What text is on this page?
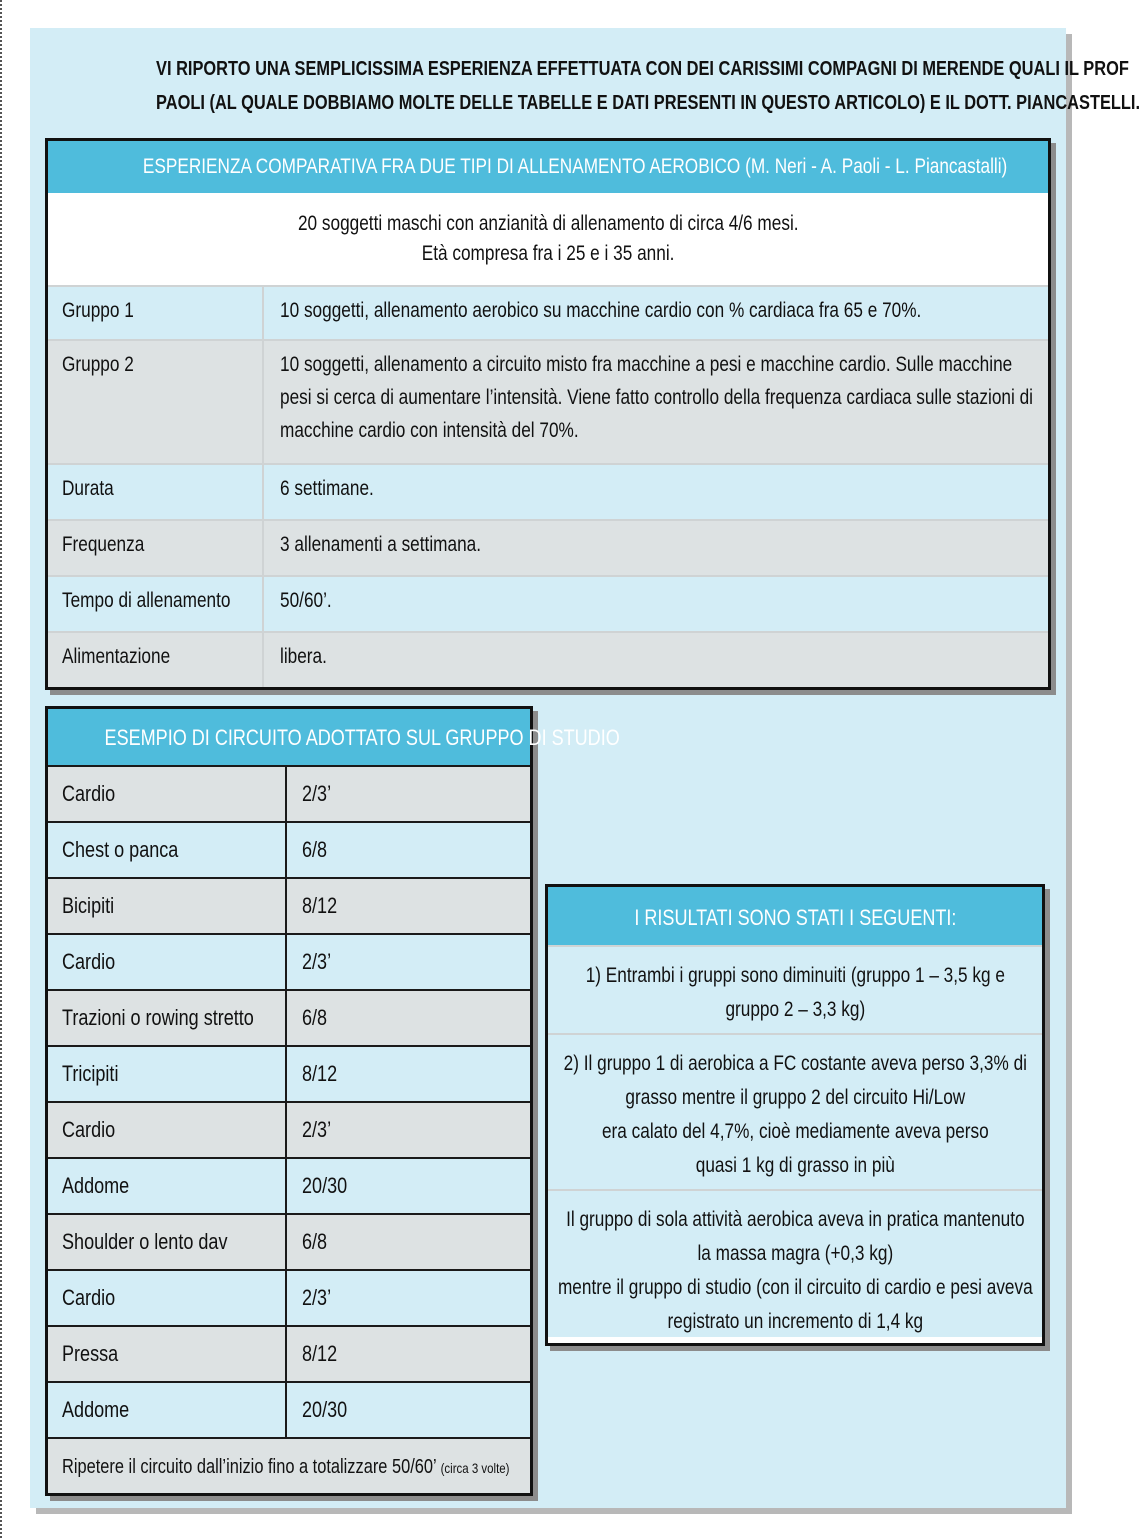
VI RIPORTO UNA SEMPLICISSIMA ESPERIENZA EFFETTUATA CON DEI CARISSIMI COMPAGNI DI MERENDE QUALI IL PROF
PAOLI (AL QUALE DOBBIAMO MOLTE DELLE TABELLE E DATI PRESENTI IN QUESTO ARTICOLO) E IL DOTT. PIANCASTELLI.
ESPERIENZA COMPARATIVA FRA DUE TIPI DI ALLENAMENTO AEROBICO (M. Neri - A. Paoli - L. Piancastalli)
20 soggetti maschi con anzianità di allenamento di circa 4/6 mesi.
Età compresa fra i 25 e i 35 anni.
Gruppo 1	10 soggetti, allenamento aerobico su macchine cardio con % cardiaca fra 65 e 70%.
Gruppo 2	10 soggetti, allenamento a circuito misto fra macchine a pesi e macchine cardio. Sulle macchine pesi si cerca di aumentare l’intensità. Viene fatto controllo della frequenza cardiaca sulle stazioni di macchine cardio con intensità del 70%.
Durata	6 settimane.
Frequenza	3 allenamenti a settimana.
Tempo di allenamento	50/60’.
Alimentazione	libera.
ESEMPIO DI CIRCUITO ADOTTATO SUL GRUPPO DI STUDIO
Cardio	2/3’
Chest o panca	6/8
Bicipiti	8/12
Cardio	2/3’
Trazioni o rowing stretto	6/8
Tricipiti	8/12
Cardio	2/3’
Addome	20/30
Shoulder o lento dav	6/8
Cardio	2/3’
Pressa	8/12
Addome	20/30
Ripetere il circuito dall’inizio fino a totalizzare 50/60’ (circa 3 volte)
I RISULTATI SONO STATI I SEGUENTI:
1) Entrambi i gruppi sono diminuiti (gruppo 1 – 3,5 kg e
gruppo 2 – 3,3 kg)
2) Il gruppo 1 di aerobica a FC costante aveva perso 3,3% di
grasso mentre il gruppo 2 del circuito Hi/Low
era calato del 4,7%, cioè mediamente aveva perso
quasi 1 kg di grasso in più
Il gruppo di sola attività aerobica aveva in pratica mantenuto
la massa magra (+0,3 kg)
mentre il gruppo di studio (con il circuito di cardio e pesi aveva
registrato un incremento di 1,4 kg
